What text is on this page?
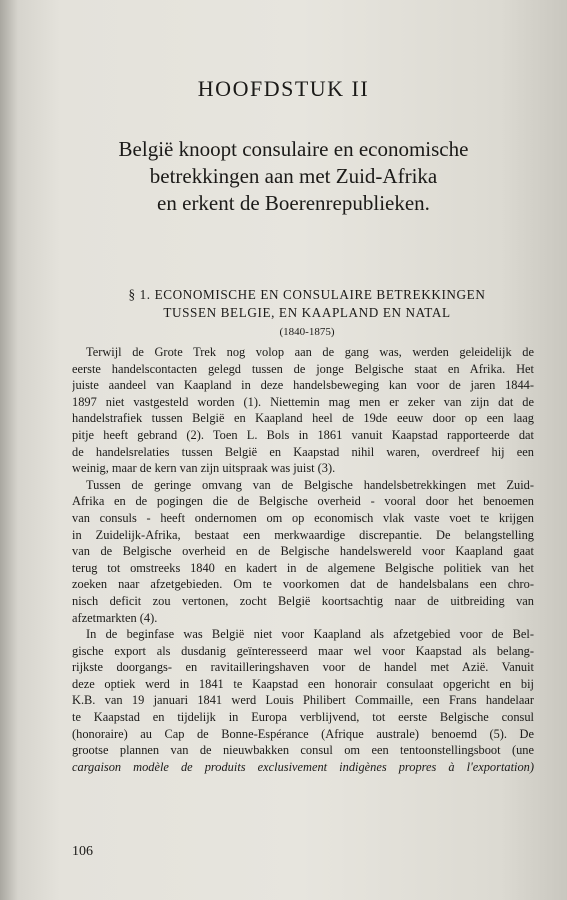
HOOFDSTUK II
België knoopt consulaire en economische
betrekkingen aan met Zuid-Afrika
en erkent de Boerenrepublieken.
§ 1. ECONOMISCHE EN CONSULAIRE BETREKKINGEN
TUSSEN BELGIE, EN KAAPLAND EN NATAL
(1840-1875)
Terwijl de Grote Trek nog volop aan de gang was, werden geleidelijk de
eerste handelscontacten gelegd tussen de jonge Belgische staat en Afrika. Het
juiste aandeel van Kaapland in deze handelsbeweging kan voor de jaren 1844-
1897 niet vastgesteld worden (1). Niettemin mag men er zeker van zijn dat de
handelstrafiek tussen België en Kaapland heel de 19de eeuw door op een laag
pitje heeft gebrand (2). Toen L. Bols in 1861 vanuit Kaapstad rapporteerde dat
de handelsrelaties tussen België en Kaapstad nihil waren, overdreef hij een
weinig, maar de kern van zijn uitspraak was juist (3).
Tussen de geringe omvang van de Belgische handelsbetrekkingen met Zuid-
Afrika en de pogingen die de Belgische overheid - vooral door het benoemen
van consuls - heeft ondernomen om op economisch vlak vaste voet te krijgen
in Zuidelijk-Afrika, bestaat een merkwaardige discrepantie. De belangstelling
van de Belgische overheid en de Belgische handelswereld voor Kaapland gaat
terug tot omstreeks 1840 en kadert in de algemene Belgische politiek van het
zoeken naar afzetgebieden. Om te voorkomen dat de handelsbalans een chro-
nisch deficit zou vertonen, zocht België koortsachtig naar de uitbreiding van
afzetmarkten (4).
In de beginfase was België niet voor Kaapland als afzetgebied voor de Bel-
gische export als dusdanig geïnteresseerd maar wel voor Kaapstad als belang-
rijkste doorgangs- en ravitailleringshaven voor de handel met Azië. Vanuit
deze optiek werd in 1841 te Kaapstad een honorair consulaat opgericht en bij
K.B. van 19 januari 1841 werd Louis Philibert Commaille, een Frans handelaar
te Kaapstad en tijdelijk in Europa verblijvend, tot eerste Belgische consul
(honoraire) au Cap de Bonne-Espérance (Afrique australe) benoemd (5). De
grootse plannen van de nieuwbakken consul om een tentoonstellingsboot (une
cargaison modèle de produits exclusivement indigènes propres à l'exportation)
106
